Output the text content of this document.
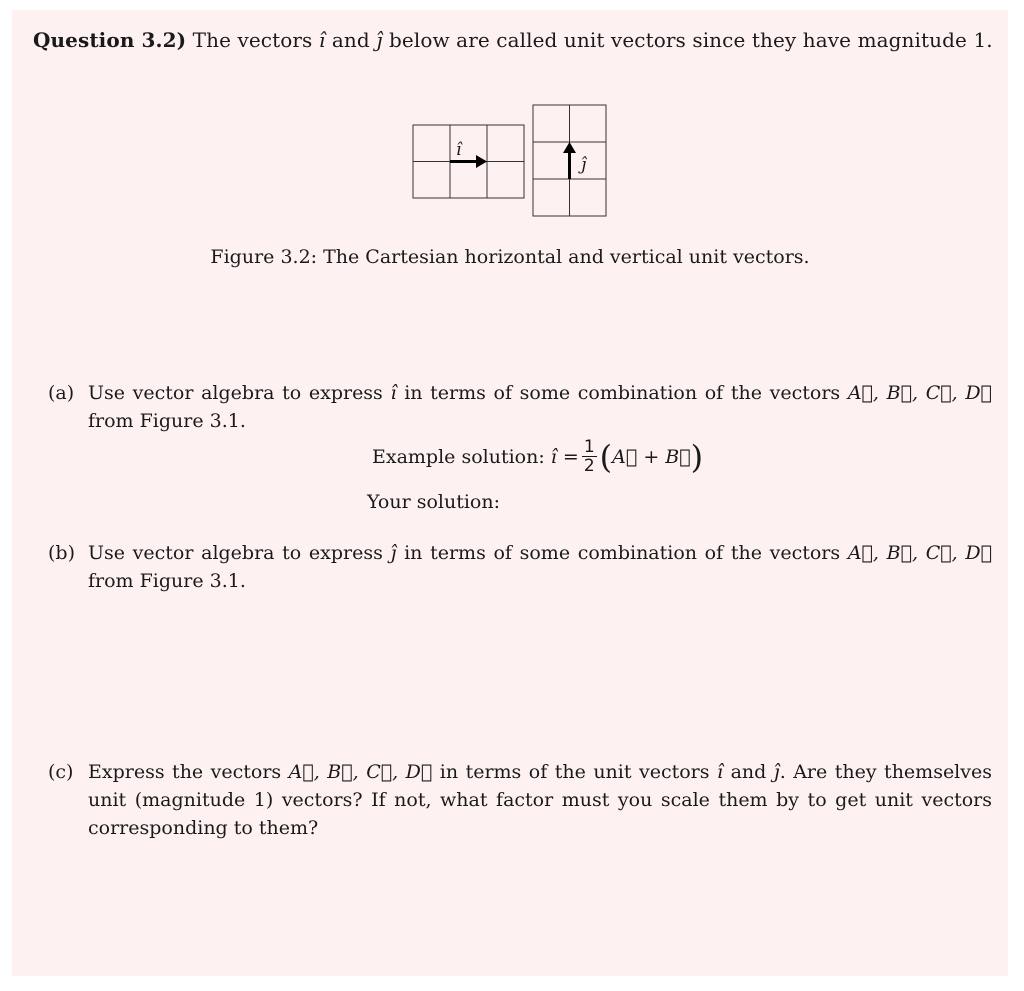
Question 3.2) The vectors î and ĵ below are called unit vectors since they have magnitude 1.
î
ĵ
Figure 3.2: The Cartesian horizontal and vertical unit vectors.
(a) Use vector algebra to express î in terms of some combination of the vectors A⃗, B⃗, C⃗, D⃗ from Figure 3.1.
Example solution:
î = $\frac{1}{2}$ ( A⃗ + B⃗ )
Your solution:
(b) Use vector algebra to express ĵ in terms of some combination of the vectors A⃗, B⃗, C⃗, D⃗ from Figure 3.1.
(c) Express the vectors A⃗, B⃗, C⃗, D⃗ in terms of the unit vectors î and ĵ. Are they themselves unit (magnitude 1) vectors? If not, what factor must you scale them by to get unit vectors corresponding to them?
